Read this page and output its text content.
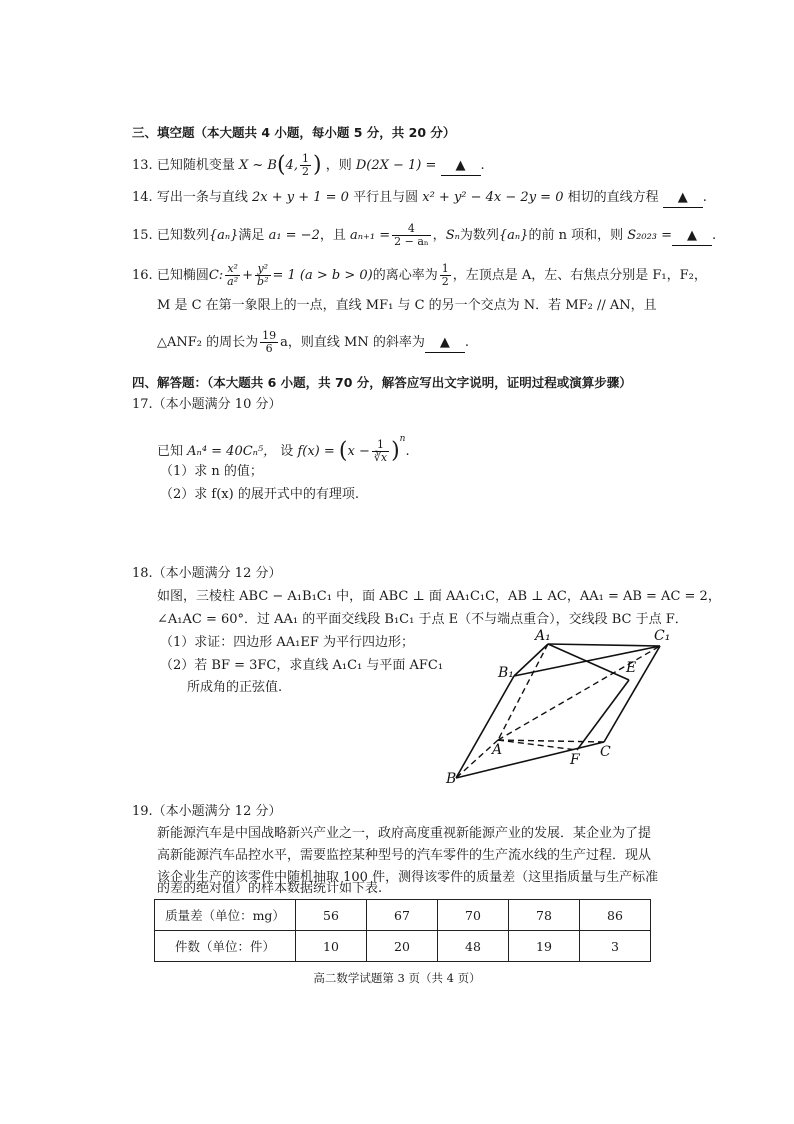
三、填空题（本大题共 4 小题，每小题 5 分，共 20 分）
13. 已知随机变量 X ~ B(4, $\frac{1}{2}$ ) ，则 D(2X − 1) = ▲ .
14. 写出一条与直线 2x + y + 1 = 0 平行且与圆 x² + y² − 4x − 2y = 0 相切的直线方程 ▲ .
15. 已知数列{aₙ}满足 a₁ = −2，且 $a_{n+1} = \frac{4}{\text{2 − aₙ}}$ ，Sₙ为数列{aₙ}的前 n 项和，则 S₂₀₂₃ = ▲ .
16. 已知椭圆C: $\frac{\text{x²}}{\text{a²}} + \frac{\text{y²}}{\text{b²}} = 1$ (a > b > 0)的离心率为 $\frac{1}{2}$ ，左顶点是 A，左、右焦点分别是 F₁，F₂，
M 是 C 在第一象限上的一点，直线 MF₁ 与 C 的另一个交点为 N．若 MF₂ // AN，且
△ANF₂ 的周长为 $\frac{19}{6}$ a，则直线 MN 的斜率为 ▲ .
四、解答题：（本大题共 6 小题，共 70 分，解答应写出文字说明，证明过程或演算步骤）
17.（本小题满分 10 分）
已知 Aₙ⁴ = 40Cₙ⁵， 设 $f(x) = (x - \frac{1}{∛x} )^n$.
（1）求 n 的值；
（2）求 f(x) 的展开式中的有理项.
18.（本小题满分 12 分）
如图，三棱柱 ABC − A₁B₁C₁ 中，面 ABC ⊥ 面 AA₁C₁C，AB ⊥ AC，AA₁ = AB = AC = 2，
∠A₁AC = 60°．过 AA₁ 的平面交线段 B₁C₁ 于点 E（不与端点重合），交线段 BC 于点 F．
（1）求证：四边形 AA₁EF 为平行四边形；
（2）若 BF = 3FC，求直线 A₁C₁ 与平面 AFC₁
所成角的正弦值.
A₁	C₁
B₁	E
A	C
F
B
19.（本小题满分 12 分）
新能源汽车是中国战略新兴产业之一，政府高度重视新能源产业的发展．某企业为了提
高新能源汽车品控水平，需要监控某种型号的汽车零件的生产流水线的生产过程．现从
该企业生产的该零件中随机抽取 100 件，测得该零件的质量差（这里指质量与生产标准
的差的绝对值）的样本数据统计如下表.
质量差（单位：mg）	56	67	70	78	86
件数（单位：件）	10	20	48	19	3
高二数学试题第 3 页（共 4 页）
